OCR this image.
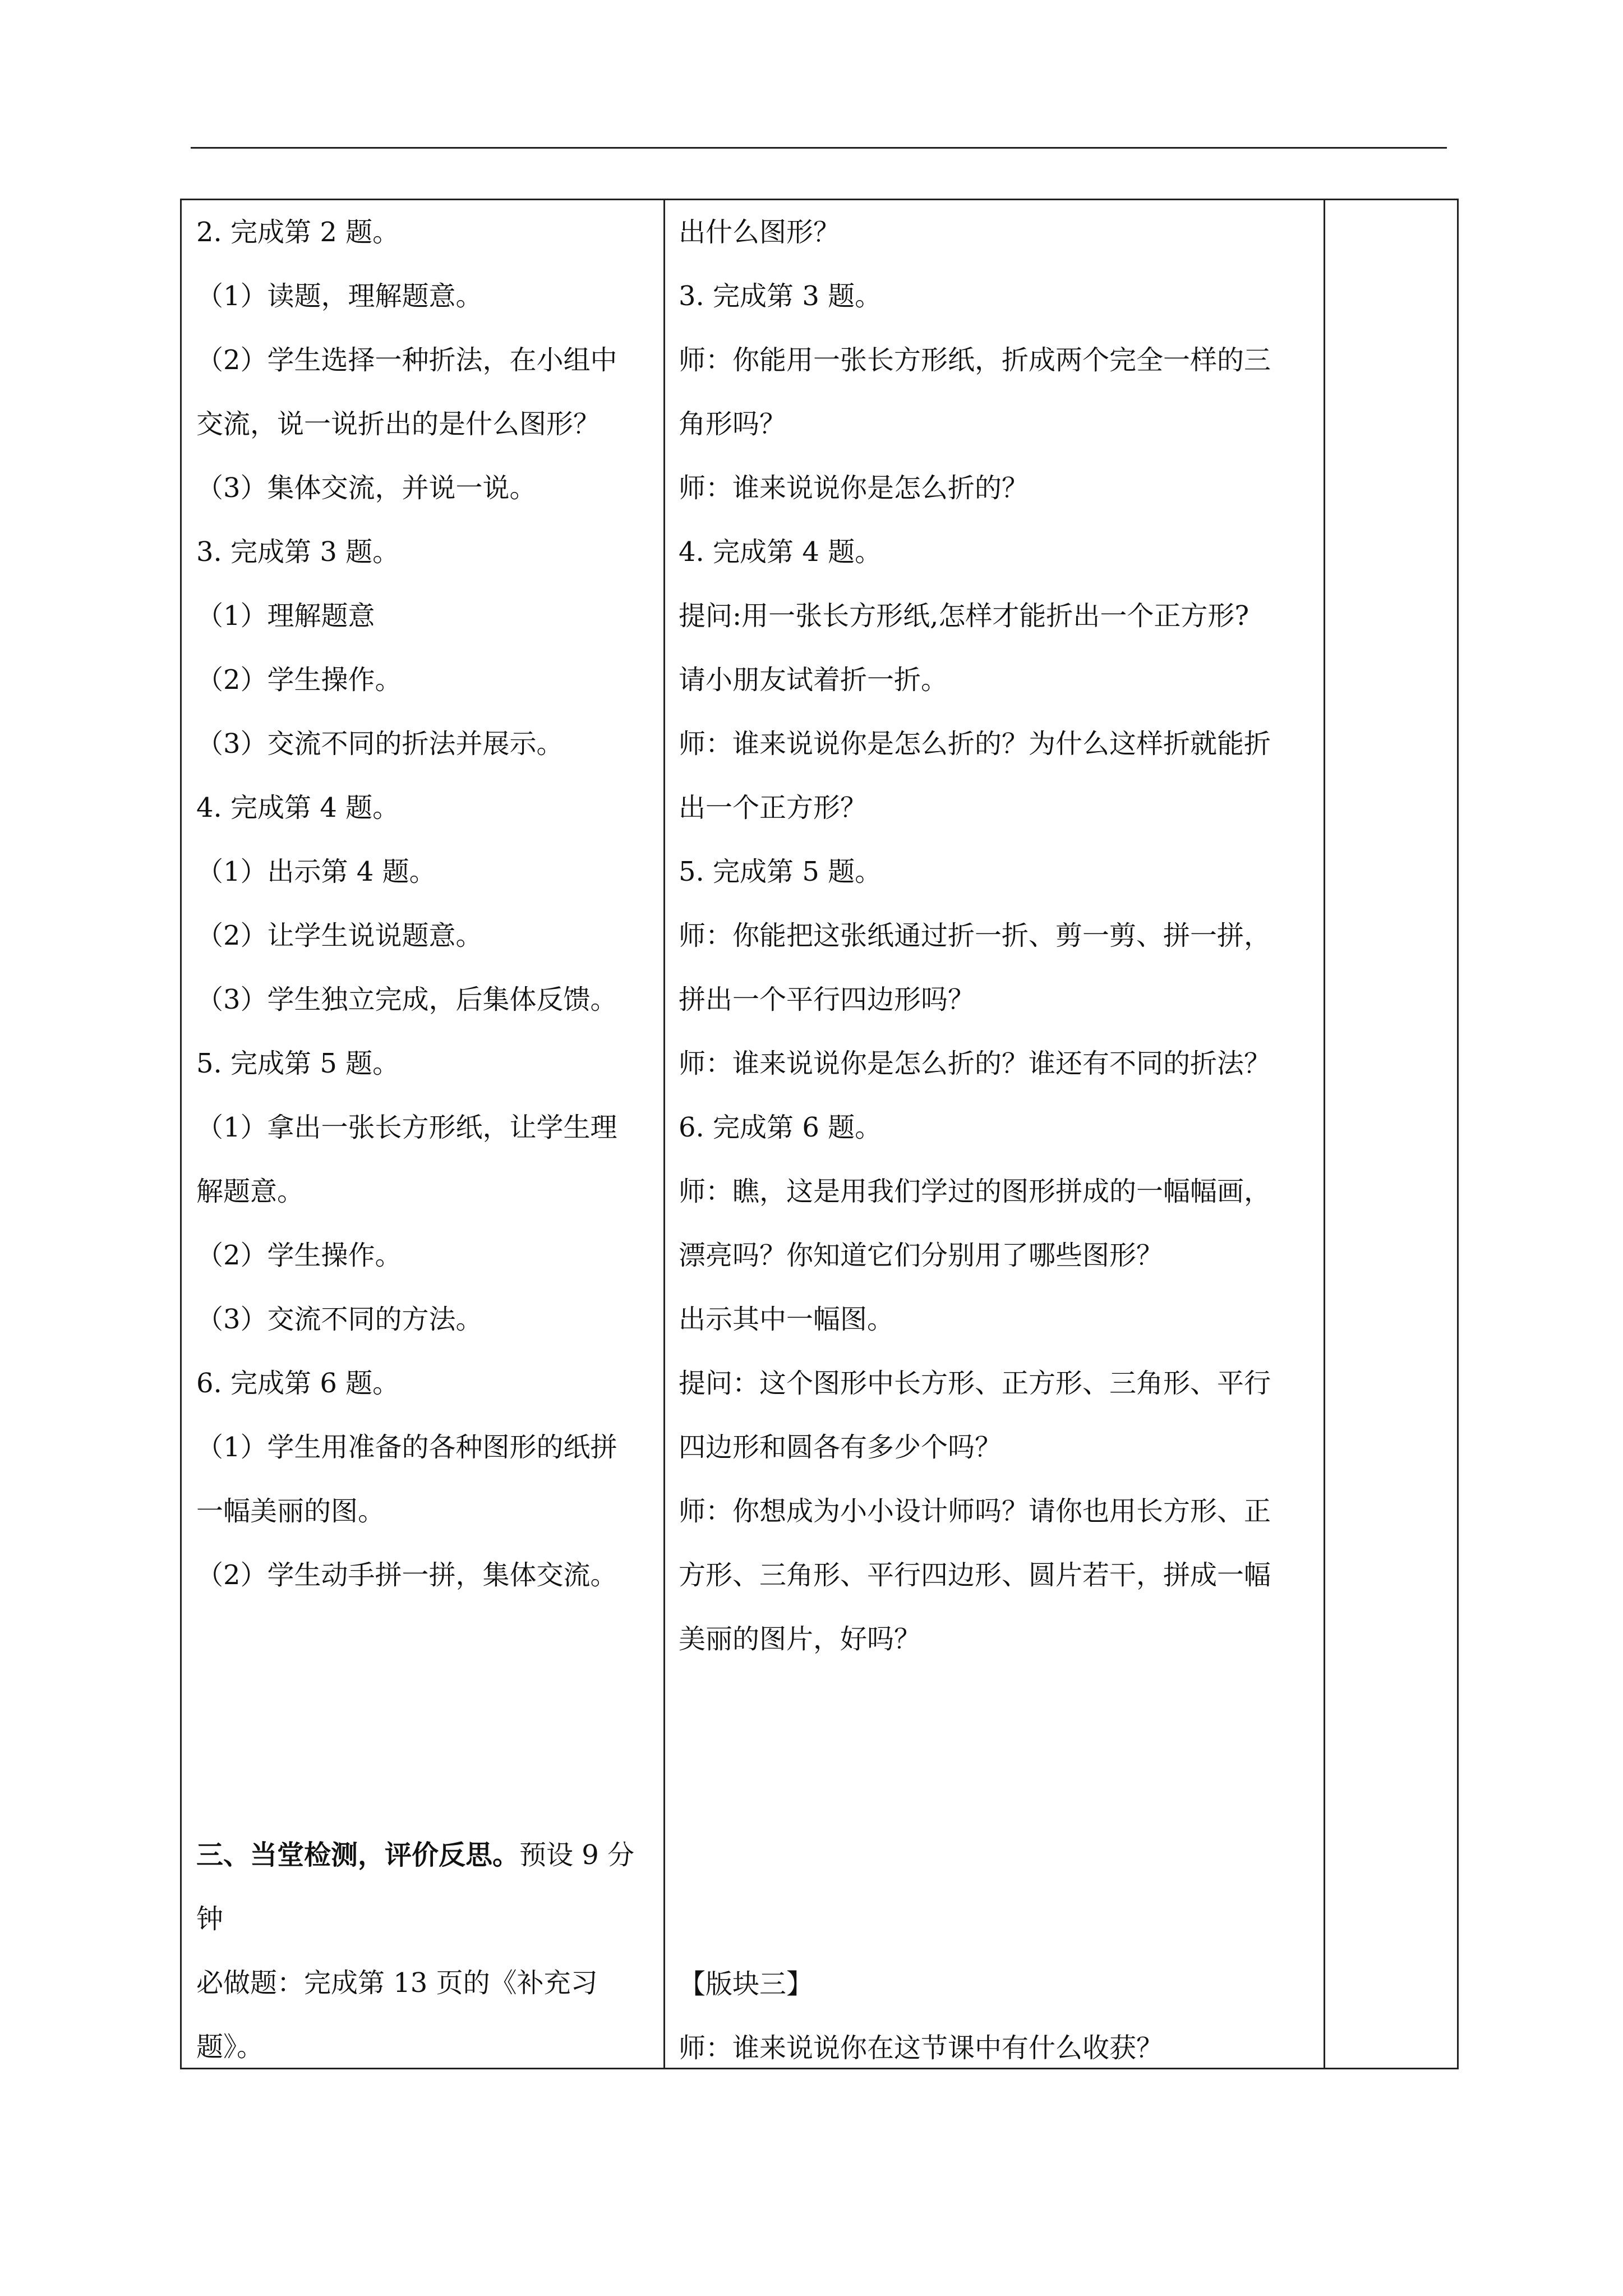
2. 完成第 2 题。
（1）读题，理解题意。
（2）学生选择一种折法，在小组中
交流，说一说折出的是什么图形？
（3）集体交流，并说一说。
3. 完成第 3 题。
（1）理解题意
（2）学生操作。
（3）交流不同的折法并展示。
4. 完成第 4 题。
（1）出示第 4 题。
（2）让学生说说题意。
（3）学生独立完成，后集体反馈。
5. 完成第 5 题。
（1）拿出一张长方形纸，让学生理
解题意。
（2）学生操作。
（3）交流不同的方法。
6. 完成第 6 题。
（1）学生用准备的各种图形的纸拼
一幅美丽的图。
（2）学生动手拼一拼，集体交流。
三、当堂检测，评价反思。预设 9 分
钟
必做题：完成第 13 页的《补充习
题》。
出什么图形？
3. 完成第 3 题。
师：你能用一张长方形纸，折成两个完全一样的三
角形吗？
师：谁来说说你是怎么折的？
4. 完成第 4 题。
提问:用一张长方形纸,怎样才能折出一个正方形?
请小朋友试着折一折。
师：谁来说说你是怎么折的？为什么这样折就能折
出一个正方形？
5. 完成第 5 题。
师：你能把这张纸通过折一折、剪一剪、拼一拼，
拼出一个平行四边形吗？
师：谁来说说你是怎么折的？谁还有不同的折法？
6. 完成第 6 题。
师：瞧，这是用我们学过的图形拼成的一幅幅画，
漂亮吗？你知道它们分别用了哪些图形？
出示其中一幅图。
提问：这个图形中长方形、正方形、三角形、平行
四边形和圆各有多少个吗？
师：你想成为小小设计师吗？请你也用长方形、正
方形、三角形、平行四边形、圆片若干，拼成一幅
美丽的图片，好吗？
【版块三】
师：谁来说说你在这节课中有什么收获？
